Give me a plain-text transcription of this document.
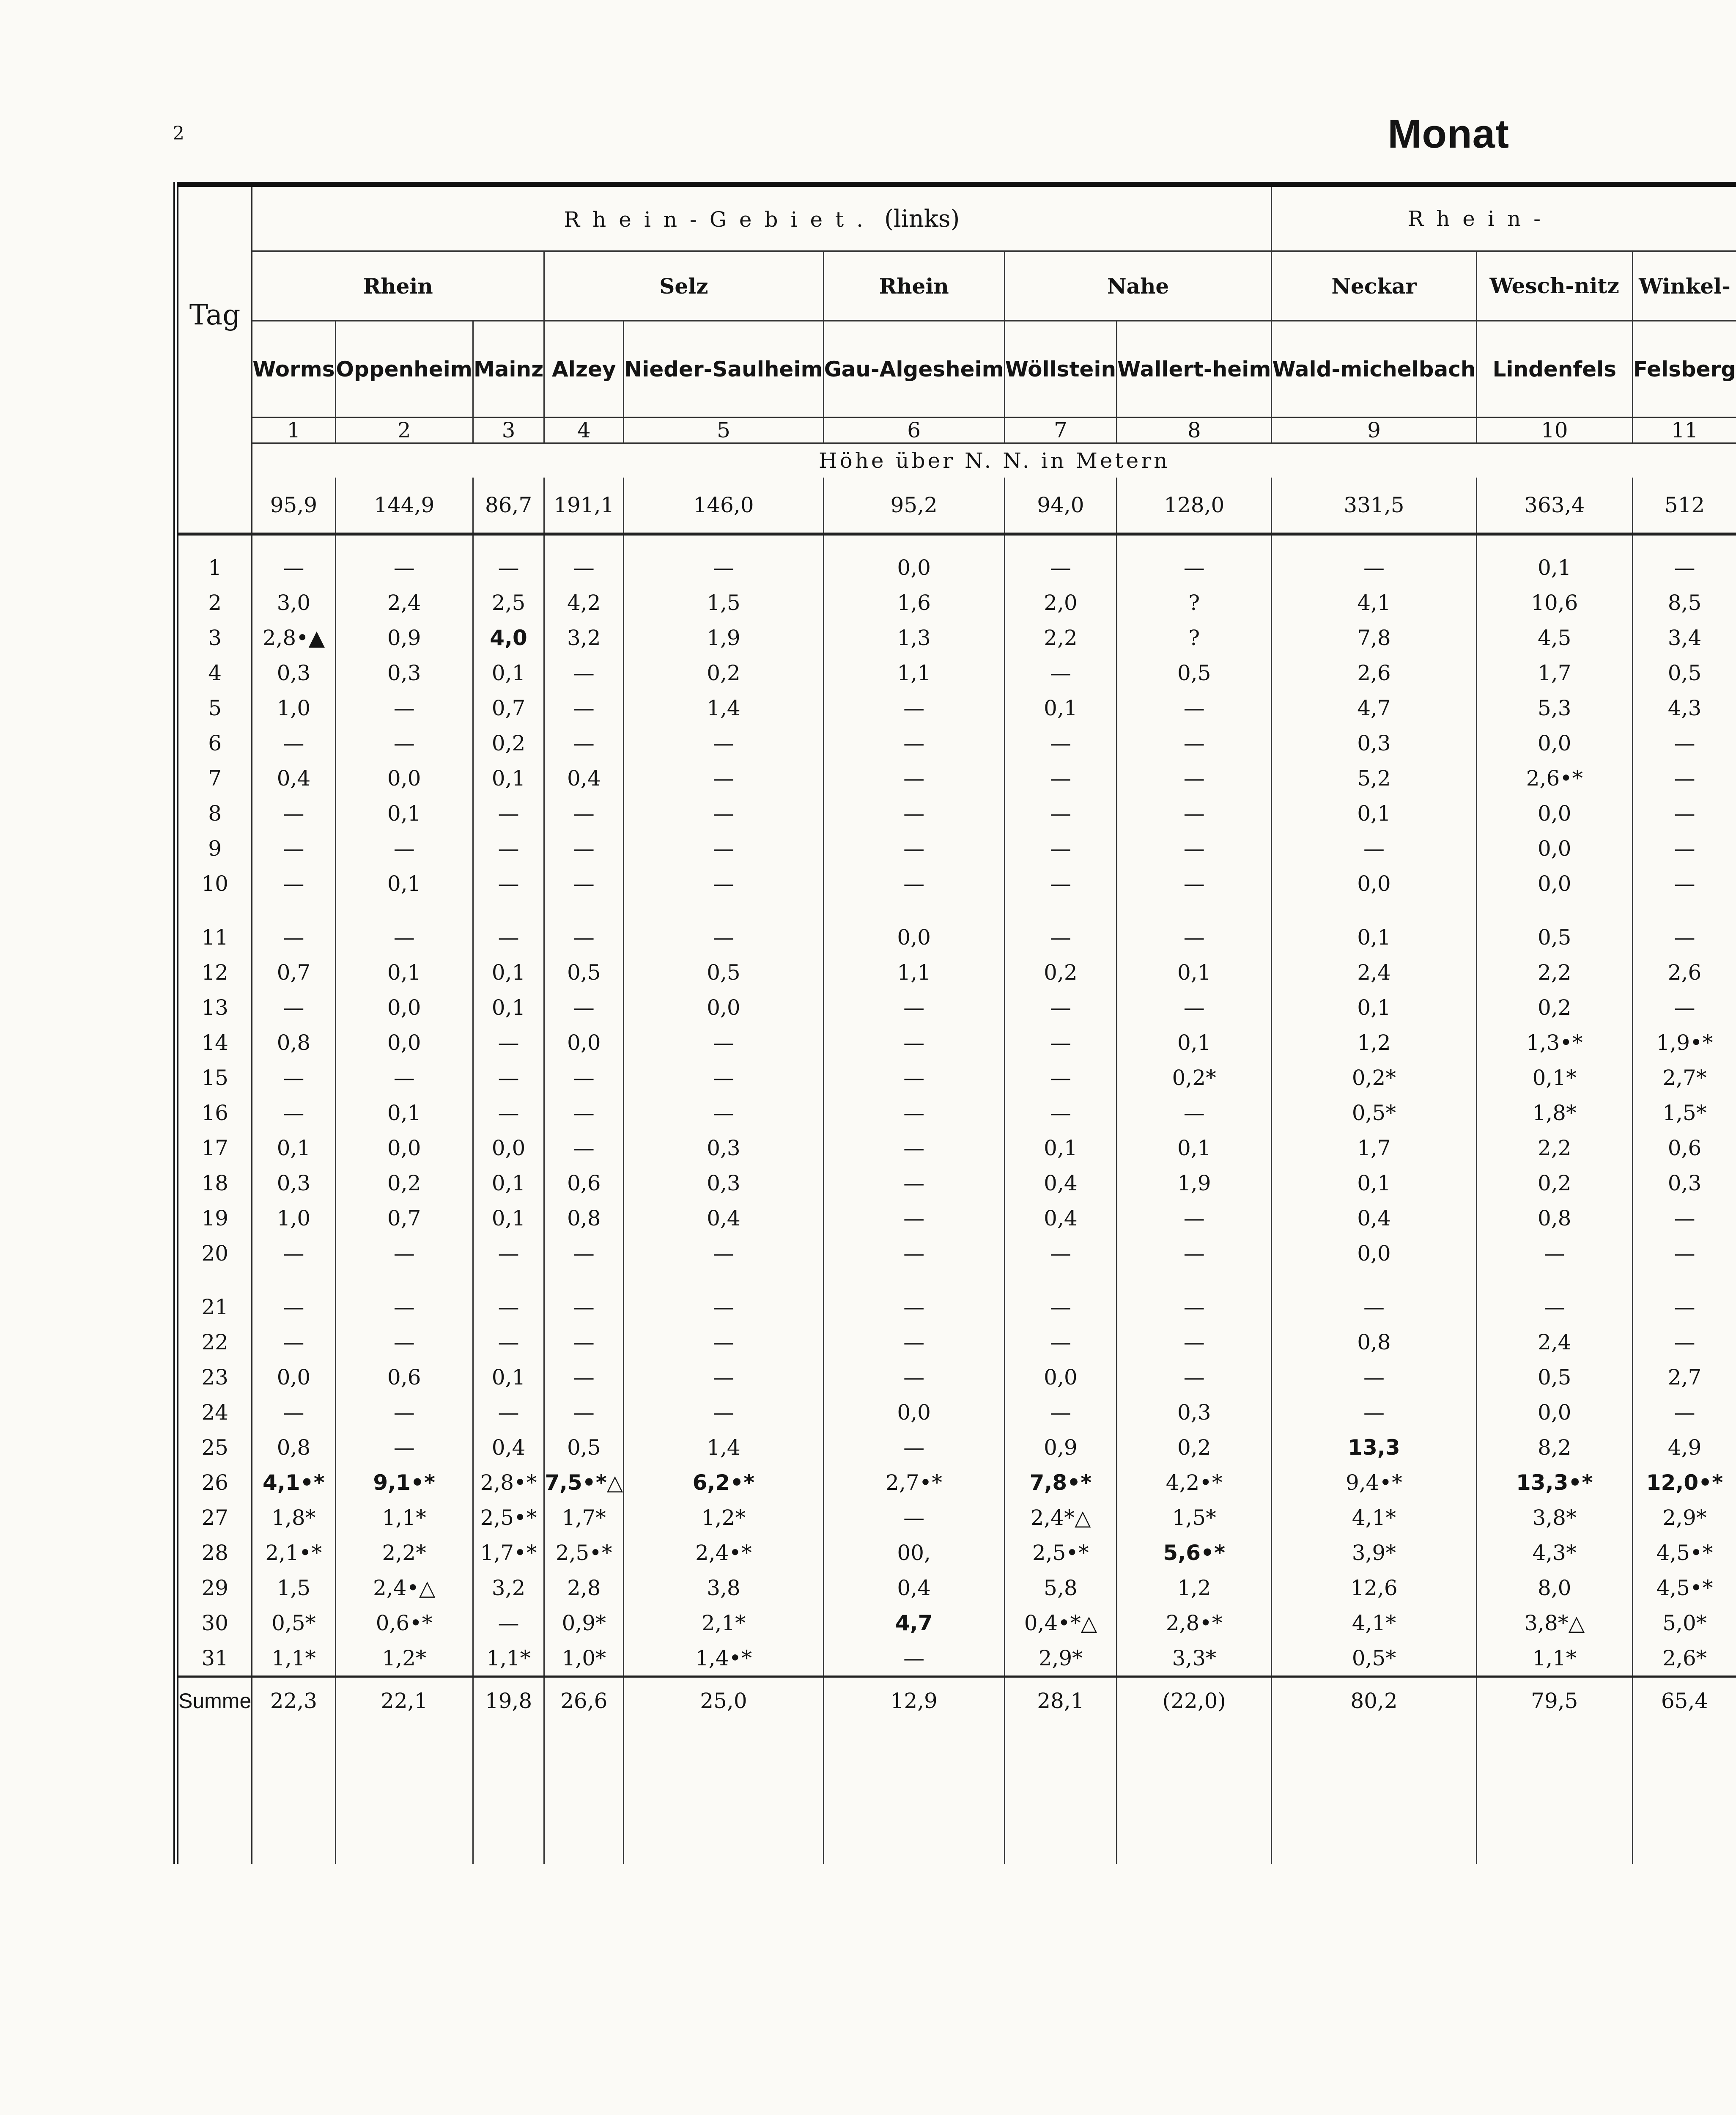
2	Monat
Tag	Rhein-Gebiet. (links)								Rhein-		
	Rhein			Selz		Rhein	Nahe		Neckar	Wesch-nitz	Winkel-
	Worms	Oppenheim	Mainz	Alzey	Nieder-Saulheim	Gau-Algesheim	Wöllstein	Wallert-heim	Wald-michelbach	Lindenfels	Felsberg
	1	2	3	4	5	6	7	8	9	10	11
	Höhe über N. N. in Metern										
	95,9	144,9	86,7	191,1	146,0	95,2	94,0	128,0	331,5	363,4	512

1	—	—	—	—	—	0,0	—	—	—	0,1	—
2	3,0	2,4	2,5	4,2	1,5	1,6	2,0	?	4,1	10,6	8,5
3	2,8•▲	0,9	4,0	3,2	1,9	1,3	2,2	?	7,8	4,5	3,4
4	0,3	0,3	0,1	—	0,2	1,1	—	0,5	2,6	1,7	0,5
5	1,0	—	0,7	—	1,4	—	0,1	—	4,7	5,3	4,3
6	—	—	0,2	—	—	—	—	—	0,3	0,0	—
7	0,4	0,0	0,1	0,4	—	—	—	—	5,2	2,6•*	—
8	—	0,1	—	—	—	—	—	—	0,1	0,0	—
9	—	—	—	—	—	—	—	—	—	0,0	—
10	—	0,1	—	—	—	—	—	—	0,0	0,0	—

11	—	—	—	—	—	0,0	—	—	0,1	0,5	—
12	0,7	0,1	0,1	0,5	0,5	1,1	0,2	0,1	2,4	2,2	2,6
13	—	0,0	0,1	—	0,0	—	—	—	0,1	0,2	—
14	0,8	0,0	—	0,0	—	—	—	0,1	1,2	1,3•*	1,9•*
15	—	—	—	—	—	—	—	0,2*	0,2*	0,1*	2,7*
16	—	0,1	—	—	—	—	—	—	0,5*	1,8*	1,5*
17	0,1	0,0	0,0	—	0,3	—	0,1	0,1	1,7	2,2	0,6
18	0,3	0,2	0,1	0,6	0,3	—	0,4	1,9	0,1	0,2	0,3
19	1,0	0,7	0,1	0,8	0,4	—	0,4	—	0,4	0,8	—
20	—	—	—	—	—	—	—	—	0,0	—	—

21	—	—	—	—	—	—	—	—	—	—	—
22	—	—	—	—	—	—	—	—	0,8	2,4	—
23	0,0	0,6	0,1	—	—	—	0,0	—	—	0,5	2,7
24	—	—	—	—	—	0,0	—	0,3	—	0,0	—
25	0,8	—	0,4	0,5	1,4	—	0,9	0,2	13,3	8,2	4,9
26	4,1•*	9,1•*	2,8•*	7,5•*△	6,2•*	2,7•*	7,8•*	4,2•*	9,4•*	13,3•*	12,0•*
27	1,8*	1,1*	2,5•*	1,7*	1,2*	—	2,4*△	1,5*	4,1*	3,8*	2,9*
28	2,1•*	2,2*	1,7•*	2,5•*	2,4•*	00,	2,5•*	5,6•*	3,9*	4,3*	4,5•*
29	1,5	2,4•△	3,2	2,8	3,8	0,4	5,8	1,2	12,6	8,0	4,5•*
30	0,5*	0,6•*	—	0,9*	2,1*	4,7	0,4•*△	2,8•*	4,1*	3,8*△	5,0*
31	1,1*	1,2*	1,1*	1,0*	1,4•*	—	2,9*	3,3*	0,5*	1,1*	2,6*
Summe	22,3	22,1	19,8	26,6	25,0	12,9	28,1	(22,0)	80,2	79,5	65,4
